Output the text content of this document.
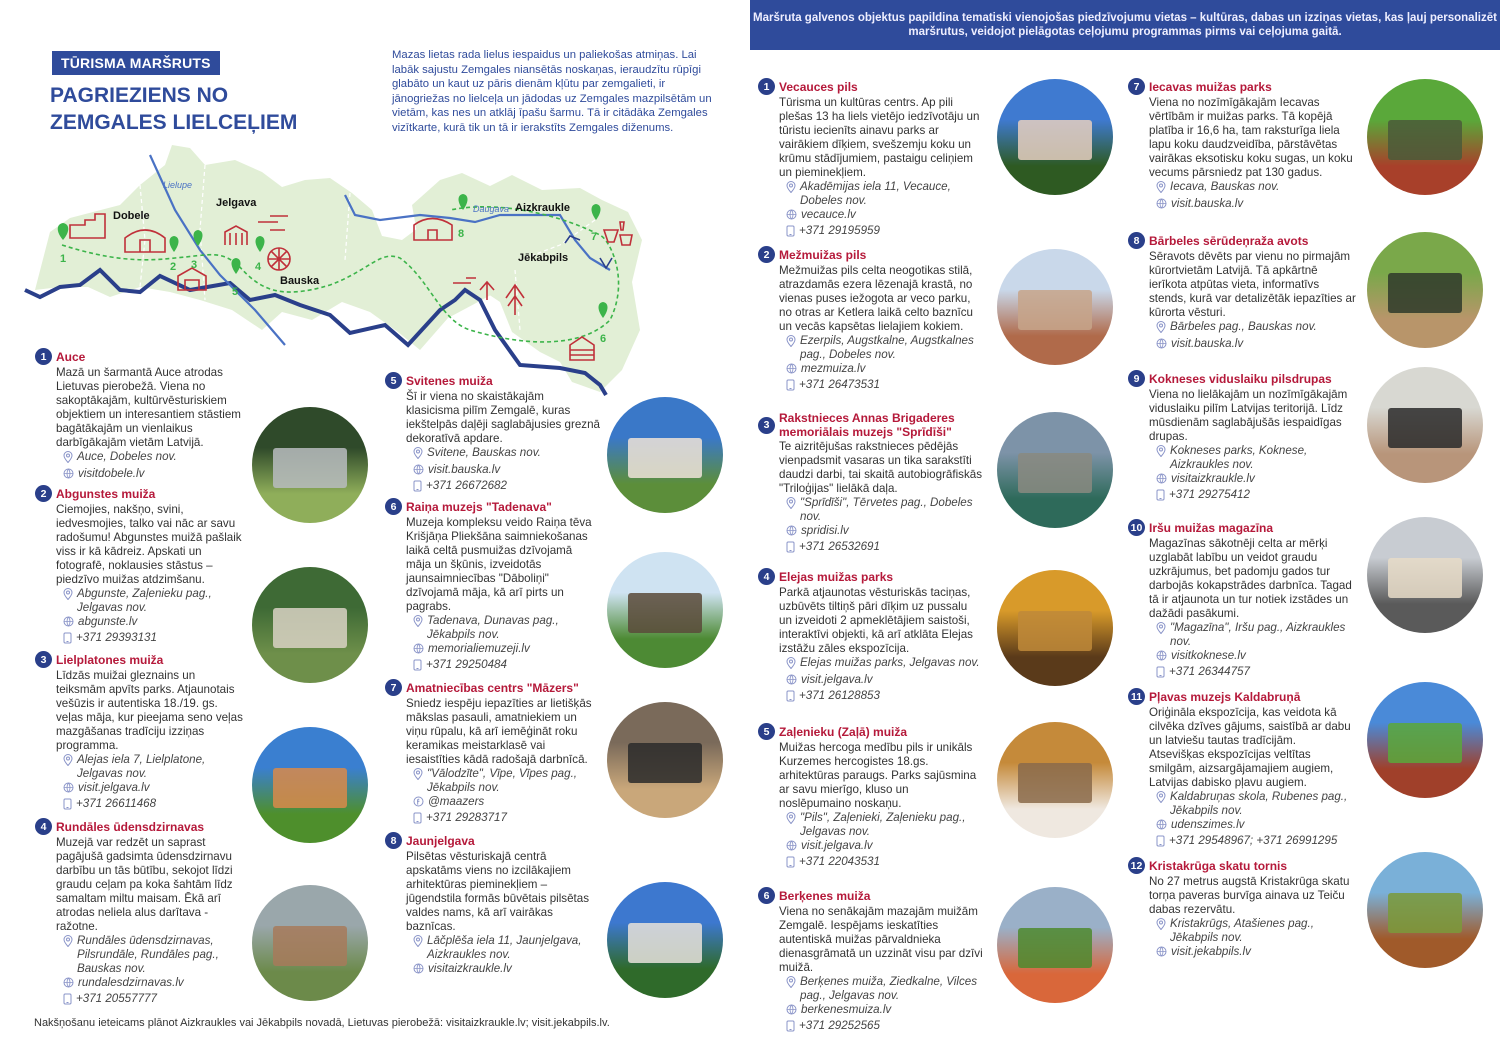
TŪRISMA MARŠRUTS
PAGRIEZIENS NO
ZEMGALES LIELCEĻIEM
Mazas lietas rada lielus iespaidus un paliekošas atmiņas. Lai labāk sajustu Zemgales niansētās noskaņas, ieraudzītu rūpīgi glabāto un kaut uz pāris dienām kļūtu par zemgalieti, ir jānogriežas no lielceļa un jādodas uz Zemgales mazpilsētām un vietām, kas nes un atklāj īpašu šarmu. Tā ir citādāka Zemgales vizītkarte, kurā tik un tā ir ierakstīts Zemgales diženums.
Dobele
Jelgava
Bauska
Aizkraukle
Jēkabpils
Lielupe
Daugava
1
2 3	4
5
6
7
8
Nakšņošanu ieteicams plānot Aizkraukles vai Jēkabpils novadā, Lietuvas pierobežā: visitaizkraukle.lv; visit.jekabpils.lv.
1 Auce
Mazā un šarmantā Auce atrodas Lietuvas pierobežā. Viena no sakoptākajām, kultūrvēsturiskiem objektiem un interesantiem stāstiem bagātākajām un vienlaikus darbīgākajām vietām Latvijā.
Auce, Dobeles nov.
visitdobele.lv
2 Abgunstes muiža
Ciemojies, nakšņo, svini, iedvesmojies, talko vai nāc ar savu radošumu! Abgunstes muižā pašlaik viss ir kā kādreiz. Apskati un fotografē, noklausies stāstus – piedzīvo muižas atdzimšanu.
Abgunste, Zaļenieku pag., Jelgavas nov.
abgunste.lv
+371 29393131
3 Lielplatones muiža
Līdzās muižai gleznains un teiksmām apvīts parks. Atjaunotais vešūzis ir autentiska 18./19. gs. veļas māja, kur pieejama seno veļas mazgāšanas tradīciju izziņas programma.
Alejas iela 7, Lielplatone, Jelgavas nov.
visit.jelgava.lv
+371 26611468
4 Rundāles ūdensdzirnavas
Muzejā var redzēt un saprast pagājušā gadsimta ūdensdzirnavu darbību un tās būtību, sekojot līdzi graudu ceļam pa koka šahtām līdz samaltam miltu maisam. Ēkā arī atrodas neliela alus darītava - ražotne.
Rundāles ūdensdzirnavas, Pilsrundāle, Rundāles pag., Bauskas nov.
rundalesdzirnavas.lv
+371 20557777
5 Svitenes muiža
Šī ir viena no skaistākajām klasicisma pilīm Zemgalē, kuras iekštelpās daļēji saglabājusies greznā dekoratīvā apdare.
Svitene, Bauskas nov.
visit.bauska.lv
+371 26672682
6 Raiņa muzejs "Tadenava"
Muzeja kompleksu veido Raiņa tēva Krišjāņa Pliekšāna saimniekošanas laikā celtā pusmuižas dzīvojamā māja un šķūnis, izveidotās jaunsaimniecības "Dāboliņi" dzīvojamā māja, kā arī pirts un pagrabs.
Tadenava, Dunavas pag., Jēkabpils nov.
memorialiemuzeji.lv
+371 29250484
7 Amatniecības centrs "Māzers"
Sniedz iespēju iepazīties ar lietišķās mākslas pasauli, amatniekiem un viņu rūpalu, kā arī iemēģināt roku keramikas meistarklasē vai iesaistīties kādā radošajā darbnīcā.
"Vālodzīte", Vīpe, Vīpes pag., Jēkabpils nov.
@maazers
+371 29283717
8 Jaunjelgava
Pilsētas vēsturiskajā centrā apskatāms viens no izcilākajiem arhitektūras pieminekļiem – jūgendstila formās būvētais pilsētas valdes nams, kā arī vairākas baznīcas.
Lāčplēša iela 11, Jaunjelgava, Aizkraukles nov.
visitaizkraukle.lv
Maršruta galvenos objektus papildina tematiski vienojošas piedzīvojumu vietas – kultūras, dabas un izziņas vietas, kas ļauj personalizēt maršrutus, veidojot pielāgotas ceļojumu programmas pirms vai ceļojuma gaitā.
1 Vecauces pils
Tūrisma un kultūras centrs. Ap pili plešas 13 ha liels vietējo iedzīvotāju un tūristu iecienīts ainavu parks ar vairākiem dīķiem, svešzemju koku un krūmu stādījumiem, pastaigu celiņiem un pieminekļiem.
Akadēmijas iela 11, Vecauce, Dobeles nov.
vecauce.lv
+371 29195959
2 Mežmuižas pils
Mežmuižas pils celta neogotikas stilā, atrazdamās ezera lēzenajā krastā, no vienas puses iežogota ar veco parku, no otras ar Ketlera laikā celto baznīcu un vecās kapsētas lielajiem kokiem.
Ezerpils, Augstkalne, Augstkalnes pag., Dobeles nov.
mezmuiza.lv
+371 26473531
3 Rakstnieces Annas Brigaderes memoriālais muzejs "Sprīdīši"
Te aizritējušas rakstnieces pēdējās vienpadsmit vasaras un tika sarakstīti daudzi darbi, tai skaitā autobiogrāfiskās "Triloģijas" lielākā daļa.
"Sprīdīši", Tērvetes pag., Dobeles nov.
spridisi.lv
+371 26532691
4 Elejas muižas parks
Parkā atjaunotas vēsturiskās taciņas, uzbūvēts tiltiņš pāri dīķim uz pussalu un izveidoti 2 apmeklētājiem saistoši, interaktīvi objekti, kā arī atklāta Elejas izstāžu zāles ekspozīcija.
Elejas muižas parks, Jelgavas nov.
visit.jelgava.lv
+371 26128853
5 Zaļenieku (Zaļā) muiža
Muižas hercoga medību pils ir unikāls Kurzemes hercogistes 18.gs. arhitektūras paraugs. Parks sajūsmina ar savu mierīgo, kluso un noslēpumaino noskaņu.
"Pils", Zaļenieki, Zaļenieku pag., Jelgavas nov.
visit.jelgava.lv
+371 22043531
6 Berķenes muiža
Viena no senākajām mazajām muižām Zemgalē. Iespējams ieskatīties autentiskā muižas pārvaldnieka dienasgrāmatā un uzzināt visu par dzīvi muižā.
Berķenes muiža, Ziedkalne, Vilces pag., Jelgavas nov.
berkenesmuiza.lv
+371 29252565
7 Iecavas muižas parks
Viena no nozīmīgākajām Iecavas vērtībām ir muižas parks. Tā kopējā platība ir 16,6 ha, tam raksturīga liela lapu koku daudzveidība, pārstāvētas vairākas eksotisku koku sugas, un koku vecums pārsniedz pat 130 gadus.
Iecava, Bauskas nov.
visit.bauska.lv
8 Bārbeles sērūdeņraža avots
Sēravots dēvēts par vienu no pirmajām kūrortvietām Latvijā. Tā apkārtnē ierīkota atpūtas vieta, informatīvs stends, kurā var detalizētāk iepazīties ar kūrorta vēsturi.
Bārbeles pag., Bauskas nov.
visit.bauska.lv
9 Kokneses viduslaiku pilsdrupas
Viena no lielākajām un nozīmīgākajām viduslaiku pilīm Latvijas teritorijā. Līdz mūsdienām saglabājušās iespaidīgas drupas.
Kokneses parks, Koknese, Aizkraukles nov.
visitaizkraukle.lv
+371 29275412
10 Iršu muižas magazīna
Magazīnas sākotnēji celta ar mērķi uzglabāt labību un veidot graudu uzkrājumus, bet padomju gados tur darbojās kokapstrādes darbnīca. Tagad tā ir atjaunota un tur notiek izstādes un dažādi pasākumi.
"Magazīna", Iršu pag., Aizkraukles nov.
visitkoknese.lv
+371 26344757
11 Pļavas muzejs Kaldabruņā
Oriģināla ekspozīcija, kas veidota kā cilvēka dzīves gājums, saistībā ar dabu un latviešu tautas tradīcijām. Atsevišķas ekspozīcijas veltītas smilgām, aizsargājamajiem augiem, Latvijas dabisko pļavu augiem.
Kaldabruņas skola, Rubenes pag., Jēkabpils nov.
udenszimes.lv
+371 29548967; +371 26991295
12 Kristakrūga skatu tornis
No 27 metrus augstā Kristakrūga skatu torņa paveras burvīga ainava uz Teiču dabas rezervātu.
Kristakrūgs, Atašienes pag., Jēkabpils nov.
visit.jekabpils.lv
